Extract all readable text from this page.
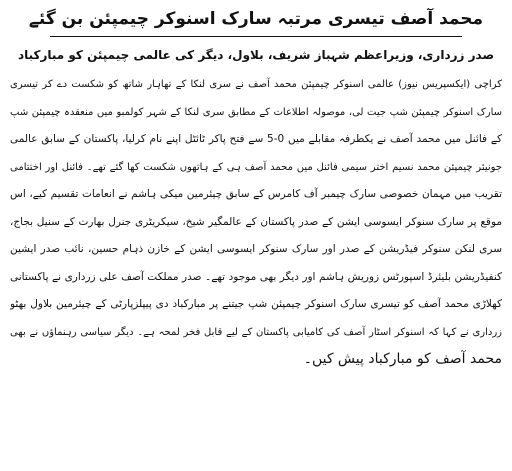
محمد آصف تیسری مرتبہ سارک اسنوکر چیمپئن بن گئے
صدر زرداری، وزیراعظم شہباز شریف، بلاول، دیگر کی عالمی چیمپئن کو مبارکباد
کراچی (ایکسپریس نیوز) عالمی اسنوکر چیمپئن محمد آصف نے سری لنکا کے تھاہار شاتھ کو شکست دے کر تیسری
سارک اسنوکر چیمپئن شپ جیت لی، موصولہ اطلاعات کے مطابق سری لنکا کے شہر کولمبو میں منعقدہ چیمپئن شپ
کے فائنل میں محمد آصف نے یکطرفہ مقابلے میں 0-5 سے فتح پاکر ٹائٹل اپنے نام کرلیا، پاکستان کے سابق عالمی
جونیئر چیمپئن محمد نسیم اختر سیمی فائنل میں محمد آصف ہی کے ہاتھوں شکست کھا گئے تھے۔ فائنل اور اختتامی
تقریب میں مہمان خصوصی سارک چیمبر آف کامرس کے سابق چیئرمین میکی ہاشم نے انعامات تقسیم کیے، اس
موقع پر سارک سنوکر ایسوسی ایشن کے صدر پاکستان کے عالمگیر شیخ، سیکریٹری جنرل بھارت کے سنیل بجاج،
سری لنکن سنوکر فیڈریشن کے صدر اور سارک سنوکر ایسوسی ایشن کے خازن ذہام حسین، نائب صدر ایشین
کنفیڈریشن بلیئرڈ اسپورٹس زوریش ہاشم اور دیگر بھی موجود تھے۔ صدر مملکت آصف علی زرداری نے پاکستانی
کھلاڑی محمد آصف کو تیسری سارک اسنوکر چیمپئن شپ جیتنے پر مبارکباد دی پیپلزپارٹی کے چیئرمین بلاول بھٹو
زرداری نے کہا کہ اسنوکر اسٹار آصف کی کامیابی پاکستان کے لیے قابل فخر لمحہ ہے۔ دیگر سیاسی رہنماؤں نے بھی
محمد آصف کو مبارکباد پیش کیں۔
